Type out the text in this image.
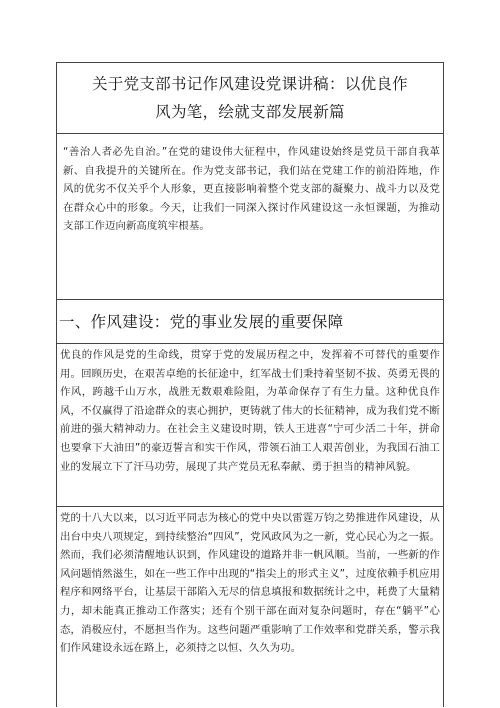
关于党支部书记作风建设党课讲稿：以优良作
风为笔，绘就支部发展新篇

“善治人者必先自治。”在党的建设伟大征程中，作风建设始终是党员干部自我革新、自我提升的关键所在。作为党支部书记，我们站在党建工作的前沿阵地，作风的优劣不仅关乎个人形象，更直接影响着整个党支部的凝聚力、战斗力以及党在群众心中的形象。今天，让我们一同深入探讨作风建设这一永恒课题，为推动支部工作迈向新高度筑牢根基。

一、作风建设：党的事业发展的重要保障

优良的作风是党的生命线，贯穿于党的发展历程之中，发挥着不可替代的重要作用。回顾历史，在艰苦卓绝的长征途中，红军战士们秉持着坚韧不拔、英勇无畏的作风，跨越千山万水，战胜无数艰难险阻，为革命保存了有生力量。这种优良作风，不仅赢得了沿途群众的衷心拥护，更铸就了伟大的长征精神，成为我们党不断前进的强大精神动力。在社会主义建设时期，铁人王进喜“宁可少活二十年，拼命也要拿下大油田”的豪迈誓言和实干作风，带领石油工人艰苦创业，为我国石油工业的发展立下了汗马功劳，展现了共产党员无私奉献、勇于担当的精神风貌。

党的十八大以来，以习近平同志为核心的党中央以雷霆万钧之势推进作风建设，从出台中央八项规定，到持续整治“四风”，党风政风为之一新，党心民心为之一振。然而，我们必须清醒地认识到，作风建设的道路并非一帆风顺。当前，一些新的作风问题悄然滋生，如在一些工作中出现的“指尖上的形式主义”，过度依赖手机应用程序和网络平台，让基层干部陷入无尽的信息填报和数据统计之中，耗费了大量精力，却未能真正推动工作落实；还有个别干部在面对复杂问题时，存在“躺平”心态，消极应付，不愿担当作为。这些问题严重影响了工作效率和党群关系，警示我们作风建设永远在路上，必须持之以恒、久久为功。
